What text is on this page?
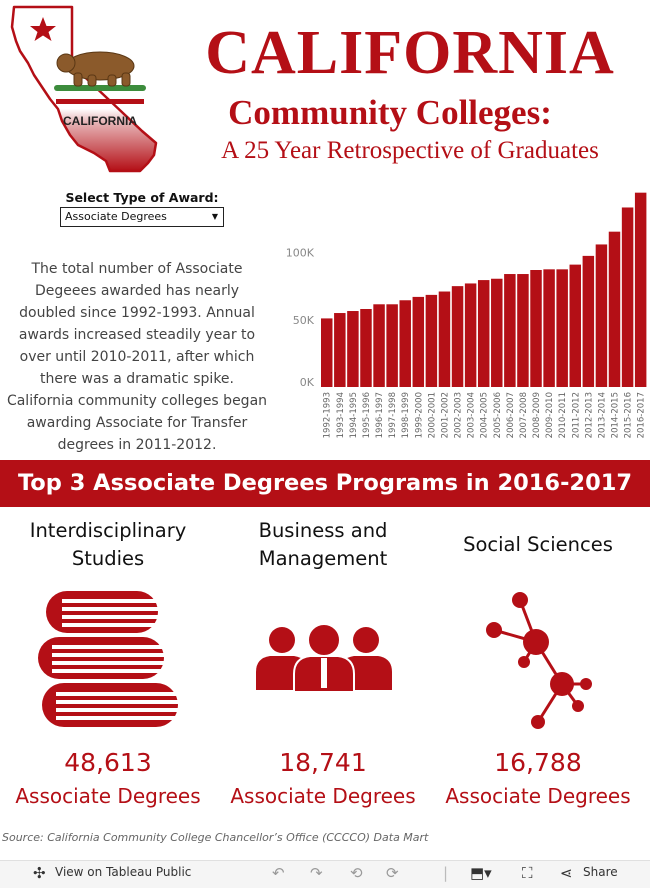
CALIFORNIA
CALIFORNIA
Community Colleges:
A 25 Year Retrospective of Graduates
Select Type of Award:
Associate Degrees	▼
The total number of Associate Degeees awarded has nearly doubled since 1992-1993. Annual awards increased steadily year to over until 2010-2011, after which there was a dramatic spike. California community colleges began awarding Associate for Transfer degrees in 2011-2012.
0K
50K
100K
1992-1993 1993-1994 1994-1995 1995-1996 1996-1997 1997-1998 1998-1999 1999-2000 2000-2001 2001-2002 2002-2003 2003-2004 2004-2005 2005-2006 2006-2007 2007-2008 2008-2009 2009-2010 2010-2011 2011-2012 2012-2013 2013-2014 2014-2015 2015-2016 2016-2017
Top 3 Associate Degrees Programs in 2016-2017
Interdisciplinary
Studies
48,613
Associate Degrees
Business and
Management
18,741
Associate Degrees
Social Sciences
16,788
Associate Degrees
Source: California Community College Chancellor’s Office (CCCCO) Data Mart
✣ View on Tableau Public	↶ ↷ ⟲ ⟳	| ⬒▾ ⛶ ⋖ Share
